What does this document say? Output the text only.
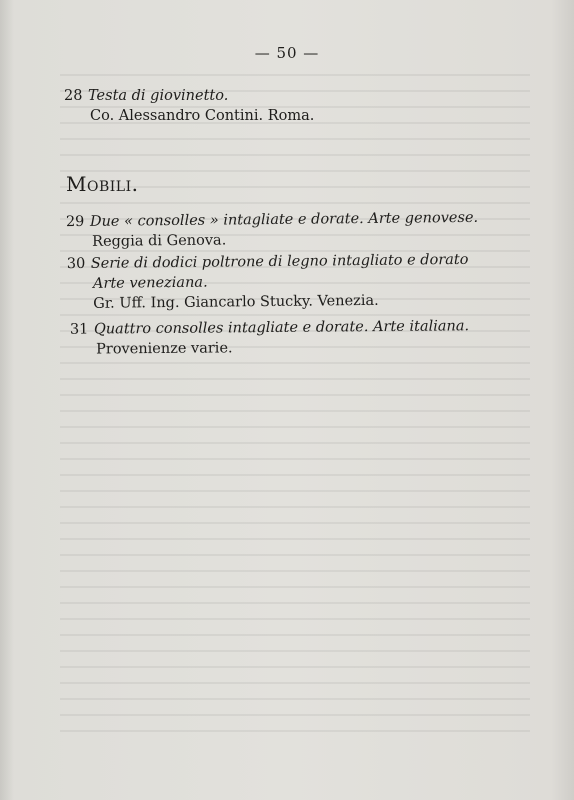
— 50 —
28 Testa di giovinetto.
Co. Alessandro Contini. Roma.
Mobili.
29 Due « consolles » intagliate e dorate. Arte genovese.
Reggia di Genova.
30 Serie di dodici poltrone di legno intagliato e dorato
Arte veneziana.
Gr. Uff. Ing. Giancarlo Stucky. Venezia.
31 Quattro consolles intagliate e dorate. Arte italiana.
Provenienze varie.
